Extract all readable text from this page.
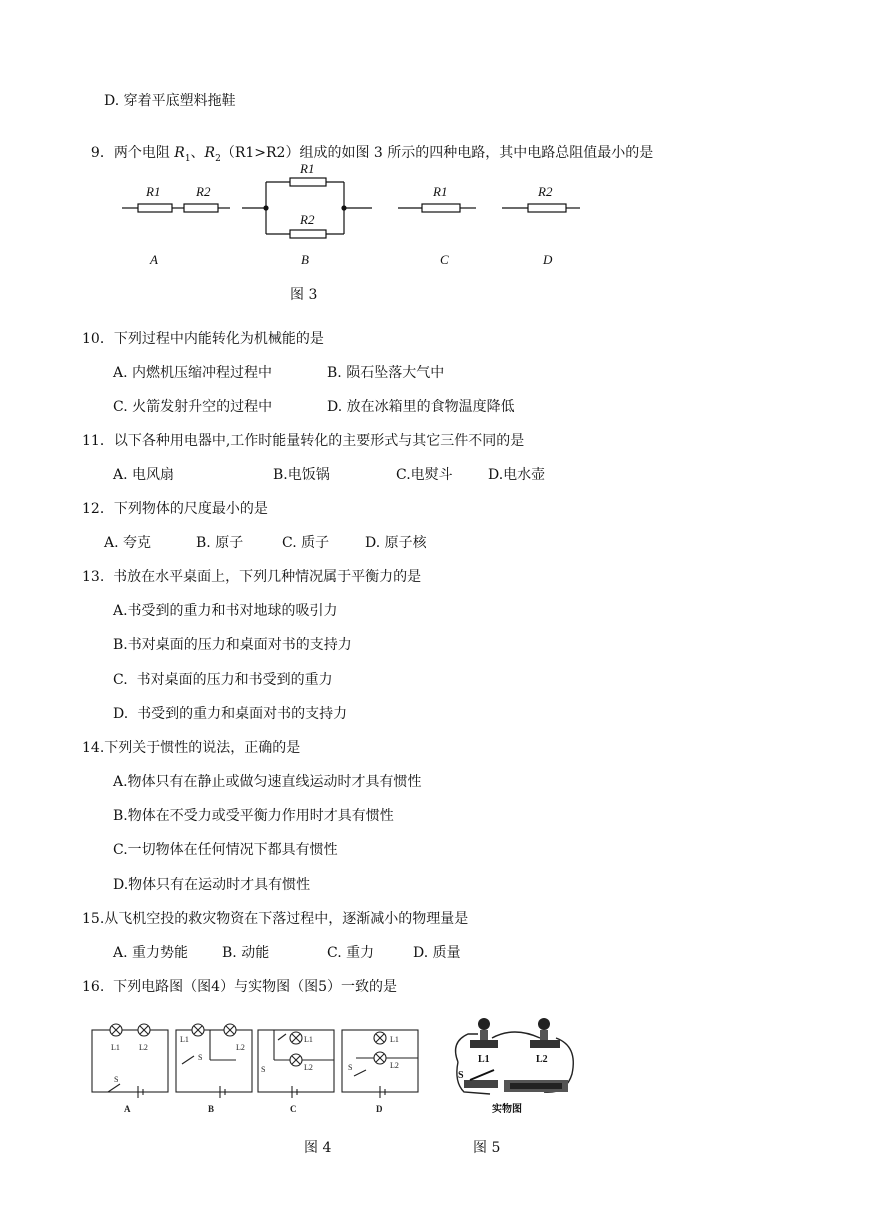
D. 穿着平底塑料拖鞋

9．两个电阻 $R_1$、$R_2(R1>R2)$组成的如图 3 所示的四种电路，其中电路总阻值最小的是

R1	R2
R1
R2
R1	R2
A	B	C	D
图 3
10．下列过程中内能转化为机械能的是
A. 内燃机压缩冲程过程中	B. 陨石坠落大气中
C. 火箭发射升空的过程中	D. 放在冰箱里的食物温度降低
11．以下各种用电器中,工作时能量转化的主要形式与其它三件不同的是
A. 电风扇	B.电饭锅	C.电熨斗	D.电水壶
12．下列物体的尺度最小的是
A. 夸克	B. 原子	C. 质子	D. 原子核
13.  书放在水平桌面上，下列几种情况属于平衡力的是
A.书受到的重力和书对地球的吸引力
B.书对桌面的压力和桌面对书的支持力
C.  书对桌面的压力和书受到的重力
D.  书受到的重力和桌面对书的支持力
14.下列关于惯性的说法，正确的是
A.物体只有在静止或做匀速直线运动时才具有惯性
B.物体在不受力或受平衡力作用时才具有惯性
C.一切物体在任何情况下都具有惯性
D.物体只有在运动时才具有惯性
15.从飞机空投的救灾物资在下落过程中，逐渐减小的物理量是
A. 重力势能 B. 动能	C. 重力	D. 质量
16.  下列电路图（图4）与实物图（图5）一致的是
L1 L2
S
L1
S
L2
L1
S	L2
L1
L2
S
A	B	C	D
L1	L2
S
实物图
图 4	图 5
